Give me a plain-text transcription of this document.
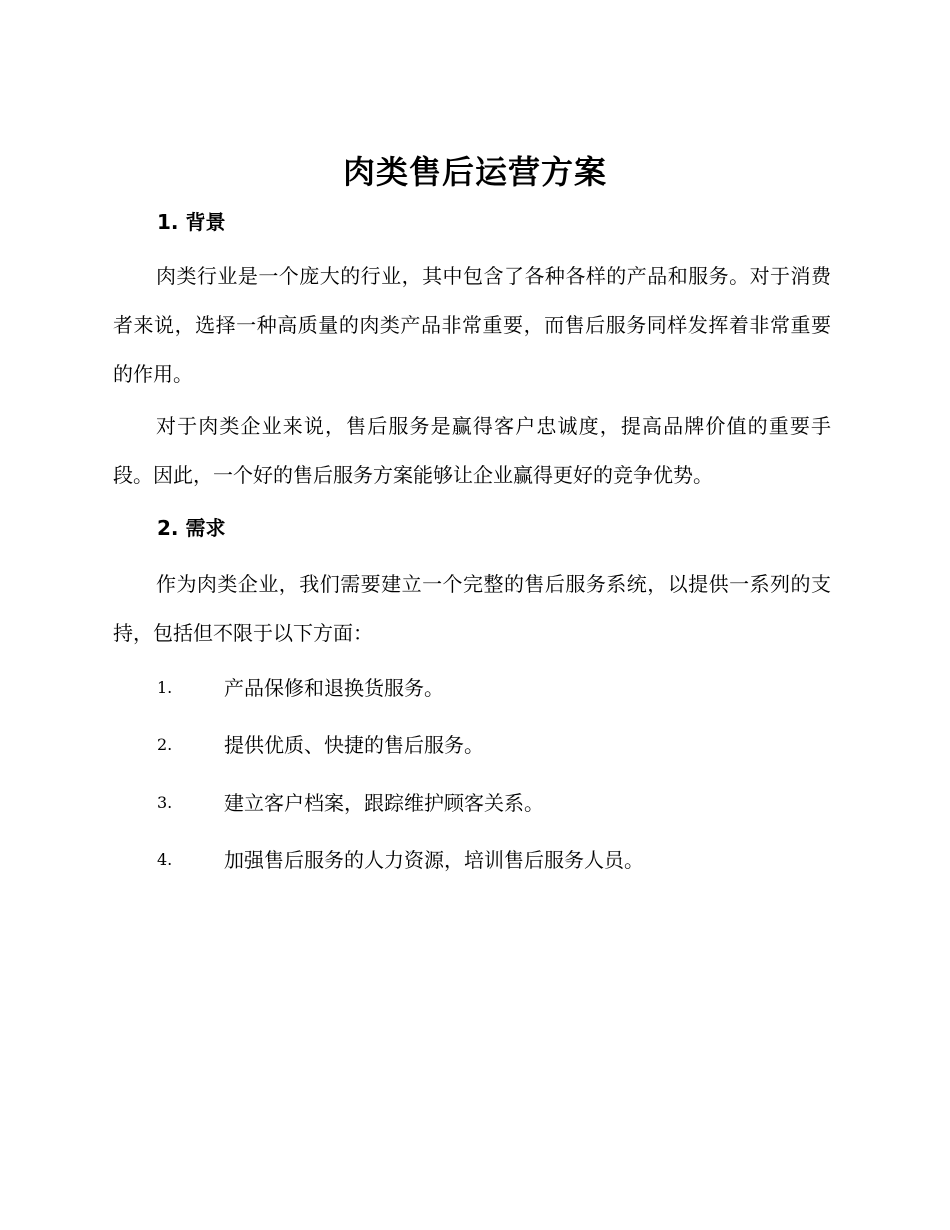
肉类售后运营方案
1. 背景

肉类行业是一个庞大的行业，其中包含了各种各样的产品和服务。对于消费者来说，选择一种高质量的肉类产品非常重要，而售后服务同样发挥着非常重要的作用。

对于肉类企业来说，售后服务是赢得客户忠诚度，提高品牌价值的重要手段。因此，一个好的售后服务方案能够让企业赢得更好的竞争优势。

2. 需求

作为肉类企业，我们需要建立一个完整的售后服务系统，以提供一系列的支持，包括但不限于以下方面：

1.	产品保修和退换货服务。
2.	提供优质、快捷的售后服务。
3.	建立客户档案，跟踪维护顾客关系。
4.	加强售后服务的人力资源，培训售后服务人员。
